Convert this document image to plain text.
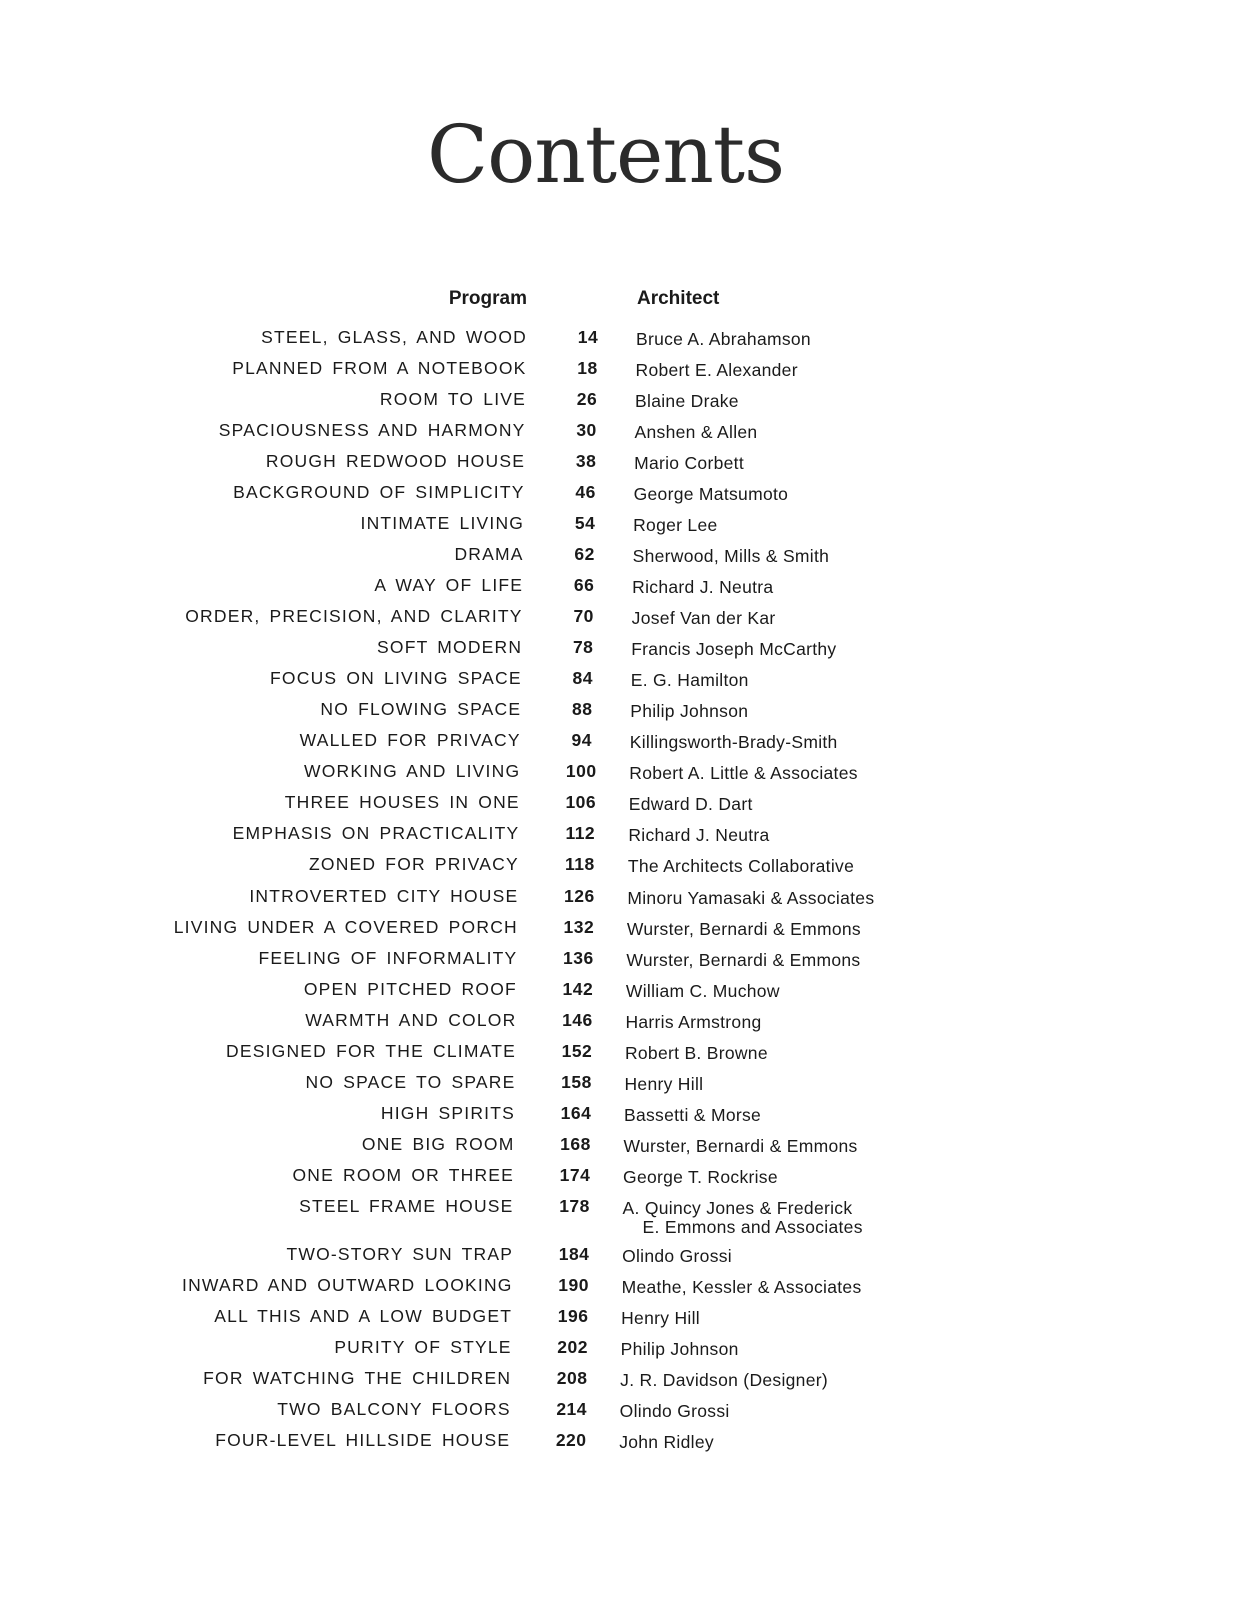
Contents
Program	Architect
STEEL, GLASS, AND WOOD	14	Bruce A. Abrahamson
PLANNED FROM A NOTEBOOK	18	Robert E. Alexander
ROOM TO LIVE	26	Blaine Drake
SPACIOUSNESS AND HARMONY	30	Anshen & Allen
ROUGH REDWOOD HOUSE	38	Mario Corbett
BACKGROUND OF SIMPLICITY	46	George Matsumoto
INTIMATE LIVING	54	Roger Lee
DRAMA	62	Sherwood, Mills & Smith
A WAY OF LIFE	66	Richard J. Neutra
ORDER, PRECISION, AND CLARITY	70	Josef Van der Kar
SOFT MODERN	78	Francis Joseph McCarthy
FOCUS ON LIVING SPACE	84	E. G. Hamilton
NO FLOWING SPACE	88	Philip Johnson
WALLED FOR PRIVACY	94	Killingsworth-Brady-Smith
WORKING AND LIVING	100	Robert A. Little & Associates
THREE HOUSES IN ONE	106	Edward D. Dart
EMPHASIS ON PRACTICALITY	112	Richard J. Neutra
ZONED FOR PRIVACY	118	The Architects Collaborative
INTROVERTED CITY HOUSE	126	Minoru Yamasaki & Associates
LIVING UNDER A COVERED PORCH	132	Wurster, Bernardi & Emmons
FEELING OF INFORMALITY	136	Wurster, Bernardi & Emmons
OPEN PITCHED ROOF	142	William C. Muchow
WARMTH AND COLOR	146	Harris Armstrong
DESIGNED FOR THE CLIMATE	152	Robert B. Browne
NO SPACE TO SPARE	158	Henry Hill
HIGH SPIRITS	164	Bassetti & Morse
ONE BIG ROOM	168	Wurster, Bernardi & Emmons
ONE ROOM OR THREE	174	George T. Rockrise
STEEL FRAME HOUSE	178	A. Quincy Jones & Frederick
E. Emmons and Associates
TWO-STORY SUN TRAP	184	Olindo Grossi
INWARD AND OUTWARD LOOKING	190	Meathe, Kessler & Associates
ALL THIS AND A LOW BUDGET	196	Henry Hill
PURITY OF STYLE	202	Philip Johnson
FOR WATCHING THE CHILDREN	208	J. R. Davidson (Designer)
TWO BALCONY FLOORS	214	Olindo Grossi
FOUR-LEVEL HILLSIDE HOUSE	220	John Ridley
